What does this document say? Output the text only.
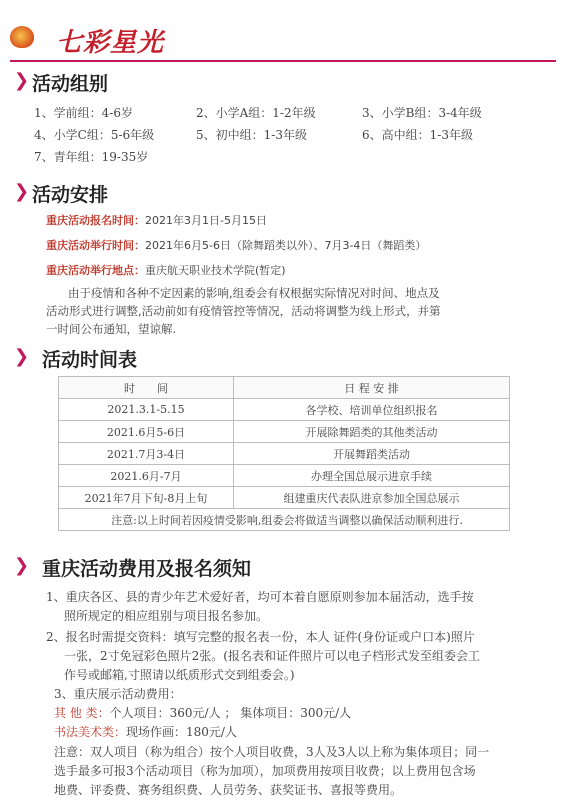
七彩星光
❯ 活动组别
1、学前组：4-6岁	2、小学A组：1-2年级	3、小学B组：3-4年级
4、小学C组：5-6年级	5、初中组：1-3年级	6、高中组：1-3年级
7、青年组：19-35岁
❯ 活动安排
重庆活动报名时间：2021年3月1日-5月15日
重庆活动举行时间：2021年6月5-6日（除舞蹈类以外）、7月3-4日（舞蹈类）
重庆活动举行地点：重庆航天职业技术学院(暂定)
由于疫情和各种不定因素的影响,组委会有权根据实际情况对时间、地点及
活动形式进行调整,活动前如有疫情管控等情况，活动将调整为线上形式，并第
一时间公布通知，望谅解.
❯ 活动时间表
时　　间	日 程 安 排
2021.3.1-5.15	各学校、培训单位组织报名
2021.6月5-6日	开展除舞蹈类的其他类活动
2021.7月3-4日	开展舞蹈类活动
2021.6月-7月	办理全国总展示进京手续
2021年7月下旬-8月上旬	组建重庆代表队进京参加全国总展示
注意:以上时间若因疫情受影响,组委会将做适当调整以确保活动顺利进行.	
❯ 重庆活动费用及报名须知
1、重庆各区、县的青少年艺术爱好者，均可本着自愿原则参加本届活动，选手按
照所规定的相应组别与项目报名参加。
2、报名时需提交资料：填写完整的报名表一份，本人 证件(身份证或户口本)照片
一张，2寸免冠彩色照片2张。(报名表和证件照片可以电子档形式发至组委会工
作号或邮箱,寸照请以纸质形式交到组委会。)
3、重庆展示活动费用：
其 他 类：个人项目：360元/人 ； 集体项目：300元/人
书法美术类：现场作画：180元/人
注意：双人项目（称为组合）按个人项目收费，3人及3人以上称为集体项目；同一
选手最多可报3个活动项目（称为加项），加项费用按项目收费；以上费用包含场
地费、评委费、赛务组织费、人员劳务、获奖证书、喜报等费用。
